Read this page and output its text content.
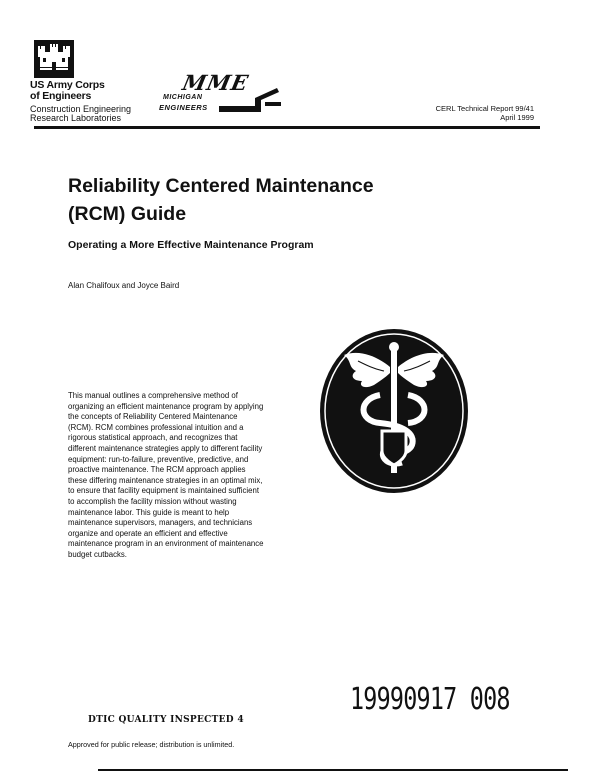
US Army Corps
of Engineers
Construction Engineering
Research Laboratories
MME
MICHIGAN
ENGINEERS	CERL Technical Report 99/41
April 1999
Reliability Centered Maintenance
(RCM) Guide
Operating a More Effective Maintenance Program
Alan Chalifoux and Joyce Baird
This manual outlines a comprehensive method of organizing an efficient maintenance program by applying the concepts of Reliability Centered Maintenance (RCM). RCM combines professional intuition and a rigorous statistical approach, and recognizes that different maintenance strategies apply to different facility equipment: run-to-failure, preventive, predictive, and proactive maintenance. The RCM approach applies these differing maintenance strategies in an optimal mix, to ensure that facility equipment is maintained sufficient to accomplish the facility mission without wasting maintenance labor. This guide is meant to help maintenance supervisors, managers, and technicians organize and operate an efficient and effective maintenance program in an environment of maintenance budget cutbacks.
19990917 008
DTIC QUALITY INSPECTED 4
Approved for public release; distribution is unlimited.
